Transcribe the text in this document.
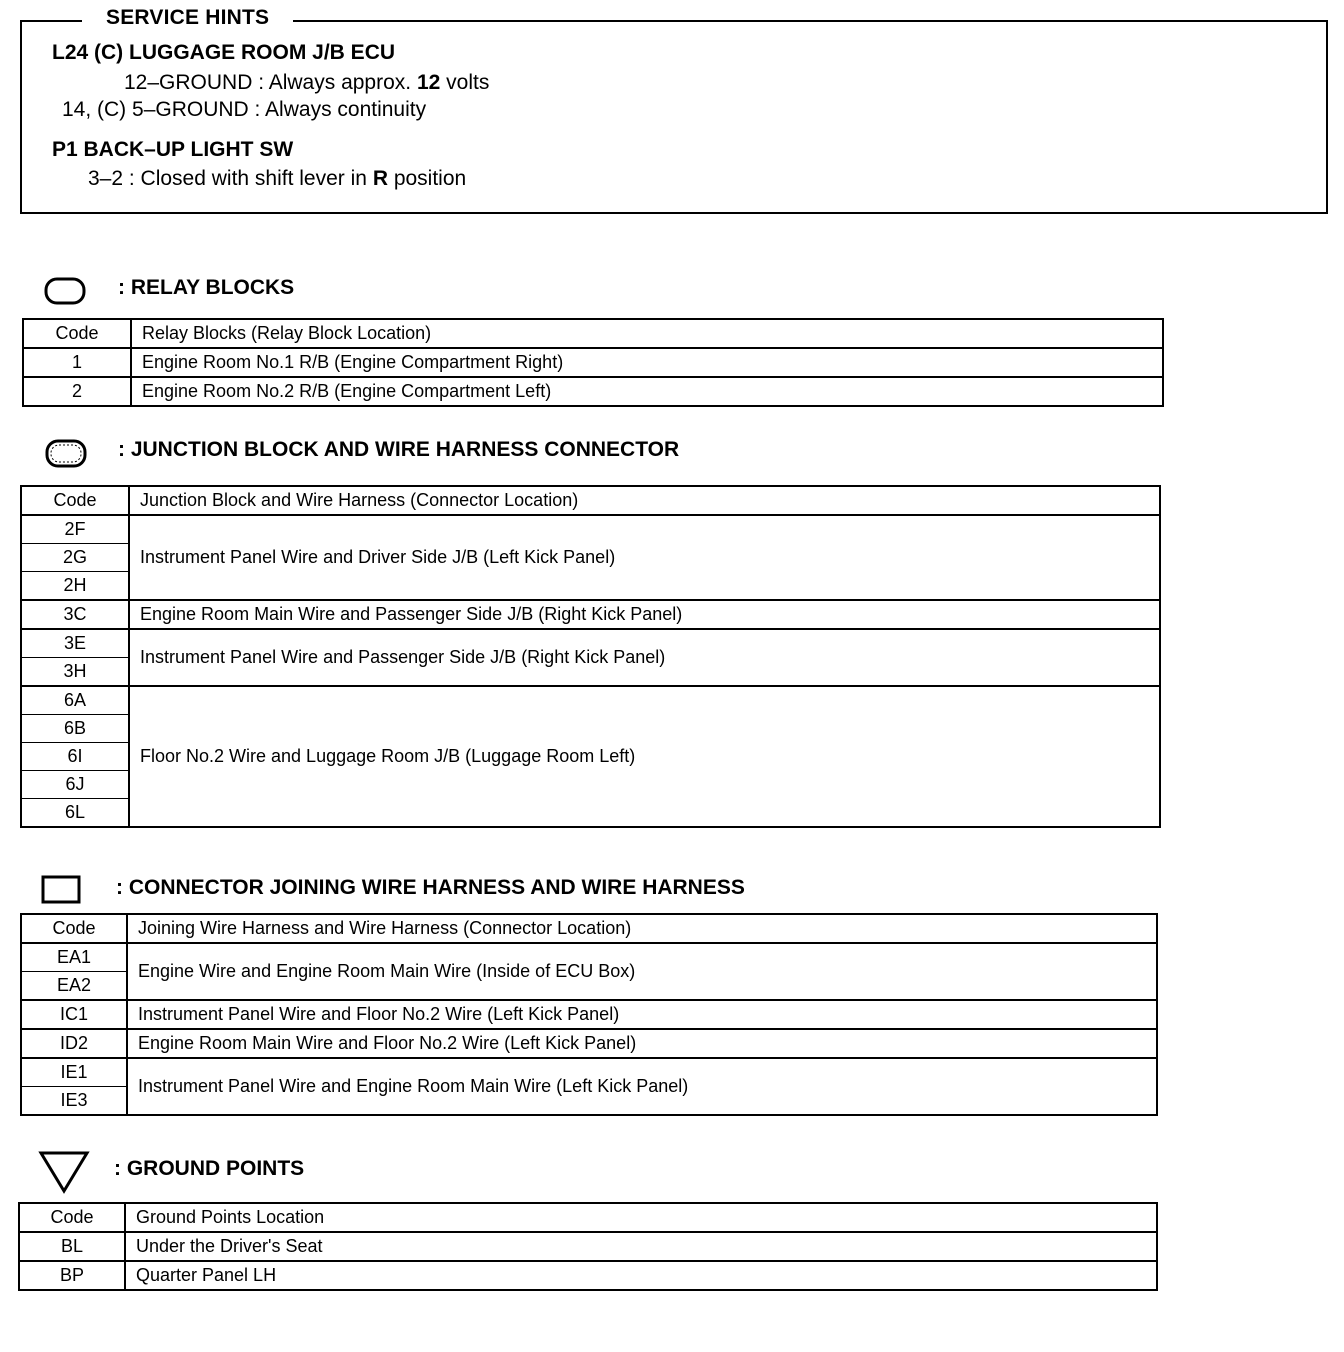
SERVICE HINTS
L24 (C) LUGGAGE ROOM J/B ECU
12–GROUND : Always approx. 12 volts
14, (C) 5–GROUND : Always continuity
P1 BACK–UP LIGHT SW
3–2 : Closed with shift lever in R position
: RELAY BLOCKS
Code	Relay Blocks (Relay Block Location)
1	Engine Room No.1 R/B (Engine Compartment Right)
2	Engine Room No.2 R/B (Engine Compartment Left)
: JUNCTION BLOCK AND WIRE HARNESS CONNECTOR
Code	Junction Block and Wire Harness (Connector Location)
2F	Instrument Panel Wire and Driver Side J/B (Left Kick Panel)
2G	
2H	
3C	Engine Room Main Wire and Passenger Side J/B (Right Kick Panel)
3E	Instrument Panel Wire and Passenger Side J/B (Right Kick Panel)
3H	
6A	Floor No.2 Wire and Luggage Room J/B (Luggage Room Left)
6B	
6I	
6J	
6L	
: CONNECTOR JOINING WIRE HARNESS AND WIRE HARNESS
Code	Joining Wire Harness and Wire Harness (Connector Location)
EA1	Engine Wire and Engine Room Main Wire (Inside of ECU Box)
EA2	
IC1	Instrument Panel Wire and Floor No.2 Wire (Left Kick Panel)
ID2	Engine Room Main Wire and Floor No.2 Wire (Left Kick Panel)
IE1	Instrument Panel Wire and Engine Room Main Wire (Left Kick Panel)
IE3	
: GROUND POINTS
Code	Ground Points Location
BL	Under the Driver's Seat
BP	Quarter Panel LH
